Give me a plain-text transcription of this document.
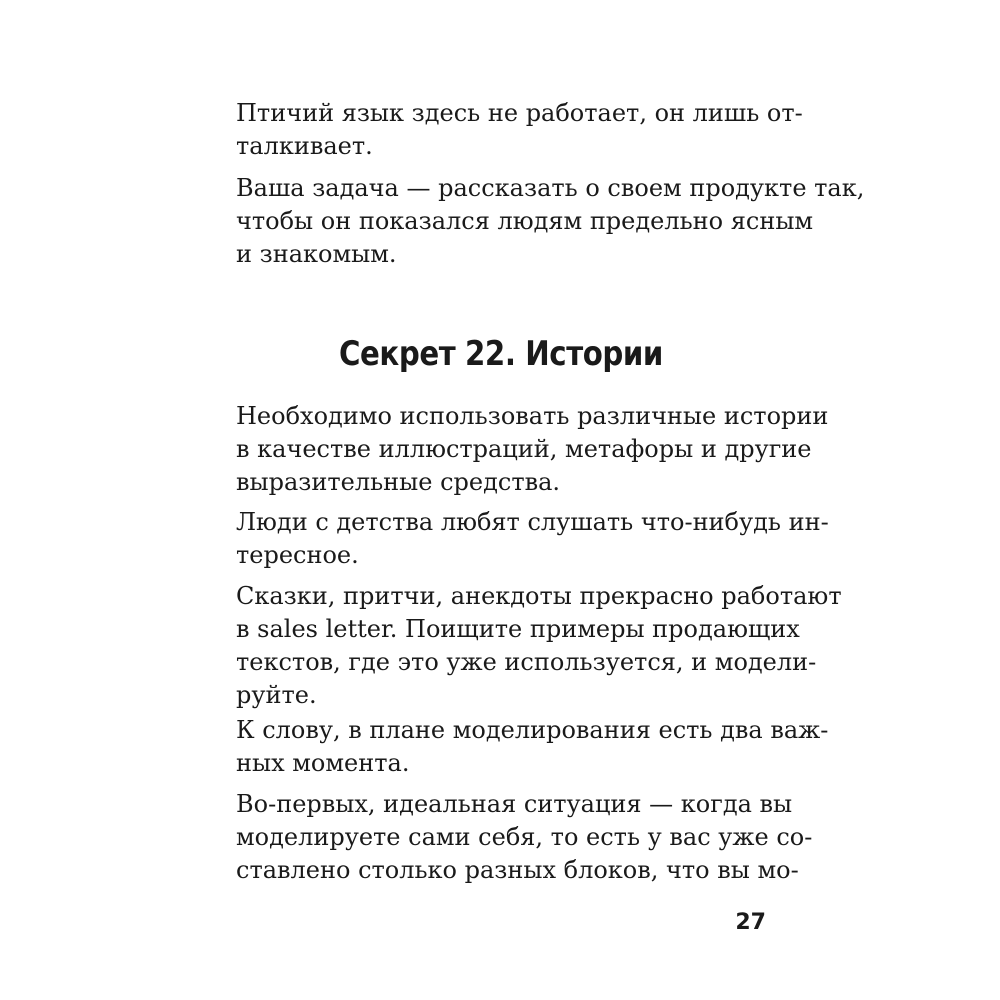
Птичий язык здесь не работает, он лишь от-
талкивает.
Ваша задача — рассказать о своем продукте так,
чтобы он показался людям предельно ясным
и знакомым.
Секрет 22. Истории
Необходимо использовать различные истории
в качестве иллюстраций, метафоры и другие
выразительные средства.
Люди с детства любят слушать что-нибудь ин-
тересное.
Сказки, притчи, анекдоты прекрасно работают
в sales letter. Поищите примеры продающих
текстов, где это уже используется, и модели-
руйте.
К слову, в плане моделирования есть два важ-
ных момента.
Во-первых, идеальная ситуация — когда вы
моделируете сами себя, то есть у вас уже со-
ставлено столько разных блоков, что вы мо-
27
